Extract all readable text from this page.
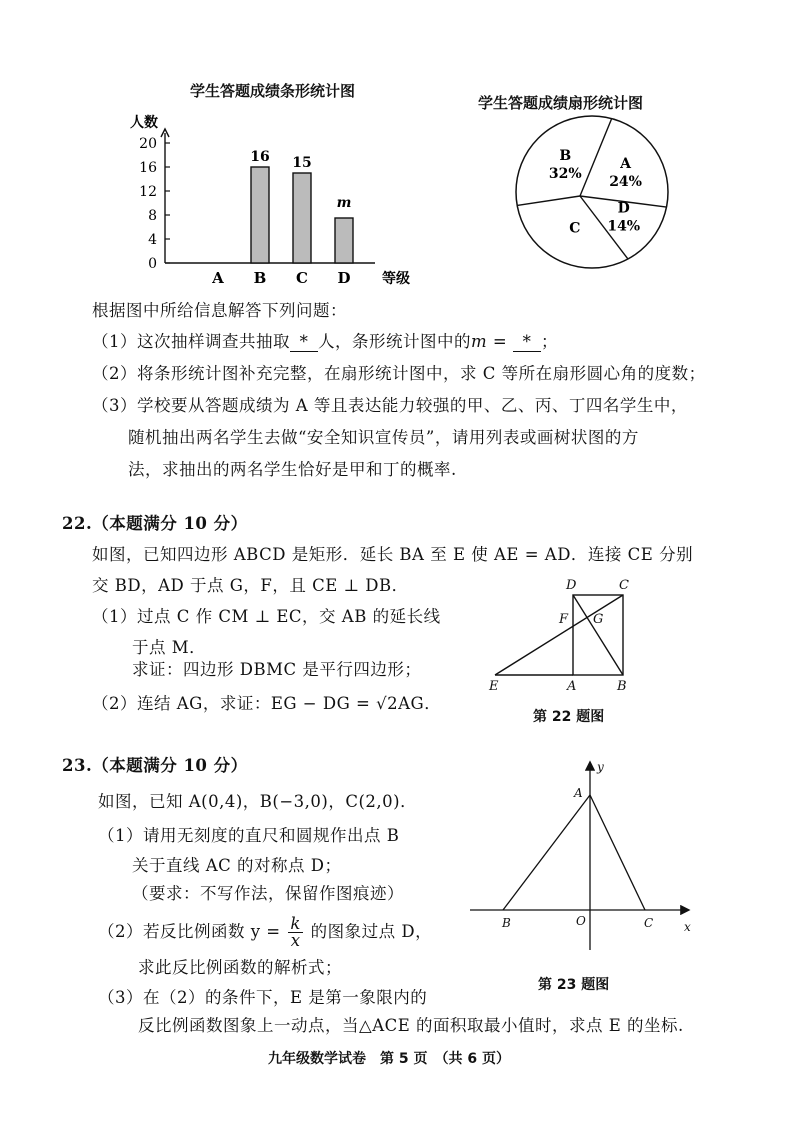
学生答题成绩条形统计图
学生答题成绩扇形统计图
人数
0
4
8
12
16
20
A B
16
C
15
D
m
等级
A
24%
D
14%
C
B
32%
根据图中所给信息解答下列问题：
（1）这次抽样调查共抽取 * 人，条形统计图中的m = * ；
（2）将条形统计图补充完整，在扇形统计图中，求 C 等所在扇形圆心角的度数；
（3）学校要从答题成绩为 A 等且表达能力较强的甲、乙、丙、丁四名学生中，
随机抽出两名学生去做“安全知识宣传员”，请用列表或画树状图的方
法，求抽出的两名学生恰好是甲和丁的概率.
22.（本题满分 10 分）
如图，已知四边形 ABCD 是矩形．延长 BA 至 E 使 AE = AD．连接 CE 分别
交 BD，AD 于点 G，F，且 CE ⊥ DB．
（1）过点 C 作 CM ⊥ EC，交 AB 的延长线
于点 M．
求证：四边形 DBMC 是平行四边形；
（2）连结 AG，求证：EG − DG = √2AG．
D	C
F G
E	A	B
第 22 题图
23.（本题满分 10 分）
如图，已知 A(0,4)，B(−3,0)，C(2,0)．
（1）请用无刻度的直尺和圆规作出点 B
关于直线 AC 的对称点 D；
（要求：不写作法，保留作图痕迹）
（2）若反比例函数 $y = \frac{k}{x}$ 的图象过点 D，
求此反比例函数的解析式；
（3）在（2）的条件下，E 是第一象限内的
反比例函数图象上一动点，当△ACE 的面积取最小值时，求点 E 的坐标.
y
x
A
B	O	C
第 23 题图
九年级数学试卷　第 5 页　（共 6 页）
